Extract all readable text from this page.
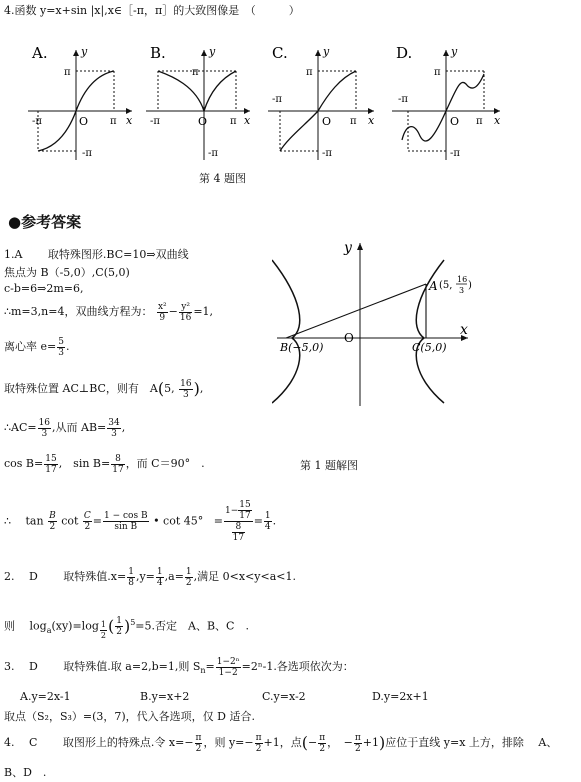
4.函数 y=x+sin |x|,x∈［-π，π］的大致图像是　（　　　）
A.	y
x
O
π
π
-π
-π
B.	y
x
O
π
π
-π
-π
C.	y
x
O
π
π
-π
-π
D.	y
x
O
π
π
-π
-π
第 4 题图
●参考答案
1.A　　 取特殊图形.BC=10⇒双曲线
焦点为 B（-5,0）,C(5,0)
c-b=6⇒2m=6,
∴m=3,n=4，双曲线方程为： $\frac{\text{x²}}{9} - \frac{\text{y²}}{16} =1$,
离心率 $e= \frac{5}{3}$ .
取特殊位置 AC⊥BC，则有　A(5, $\frac{16}{3}$ ),
∴AC= $\frac{16}{3}$ ,从而 $AB= \frac{34}{3}$ ,
$\cos B= \frac{15}{17}$ ,　$\sin B= \frac{8}{17}$ ，而 C＝90°　.	第 1 题解图
∴　 $\tan \frac{B}{2}$ $\cot \frac{C}{2} = \frac{\text{1 − cos B}}{\text{sin B}}$ • $\cot 45^\circ = \frac{1- \frac{15}{17}}{\frac{8}{17}} = \frac{1}{4}$ .
y
x
O
A (5,
16
3 )
B(−5,0)	C(5,0)
2.　 D　　 取特殊值$.x= \frac{1}{8} ,y= \frac{1}{4} ,a= \frac{1}{2}$ ,满足 0<x<y<a<1.
则　 $\log_a(xy)=\log$ $_{\frac{1}{2}}$ ( $\frac{1}{2} )^5=5$.否定　A、B、C　.
3.　 D　　 取特殊值.取 a=2,b=1,则 $S_n= \frac{\text{1−2ⁿ}}{1-2} =2^n-1$.各选项依次为：
A.y=2x-1	B.y=x+2	C.y=x-2	D.y=2x+1
取点（S₂，S₃）=(3，7)，代入各选项，仅 D 适合.
4.　 C　　 取图形上的特殊点.令 $x=- \frac{\pi}{2}$ ，则 $y=- \frac{\pi}{2} +1$，点(− $\frac{\pi}{2}$ ，　− $\frac{\pi}{2} +1$)应位于直线 y=x 上方，排除　 A、
B、D　.
